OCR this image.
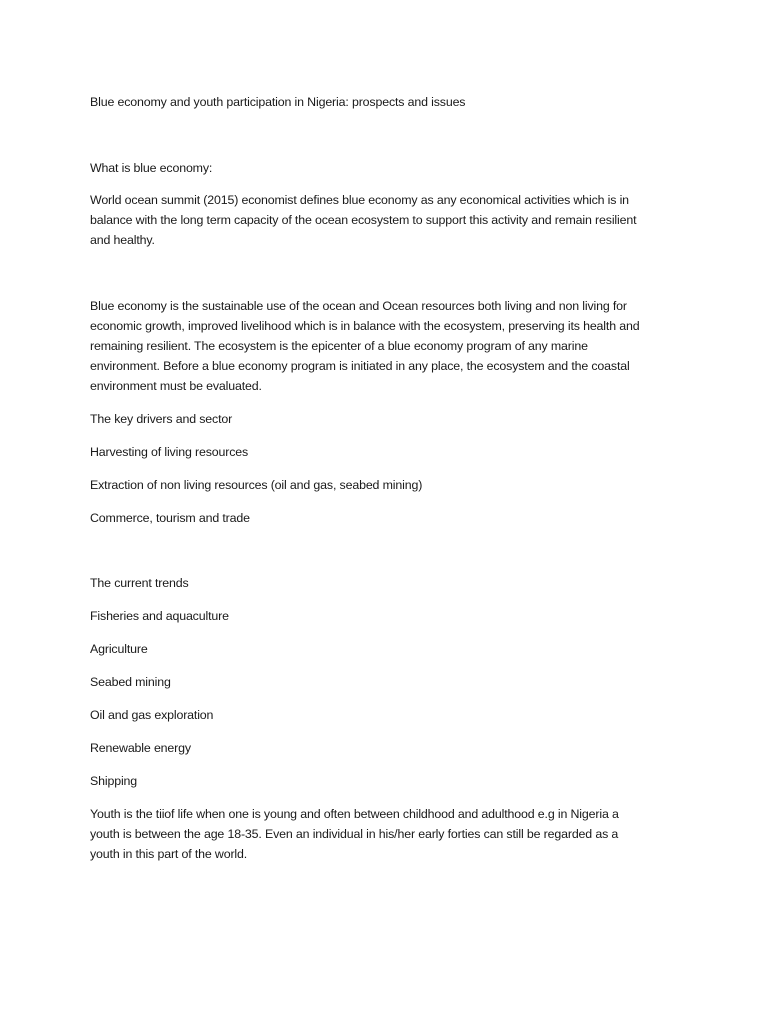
Blue economy and youth participation in Nigeria: prospects and issues

What is blue economy:

World ocean summit (2015) economist defines blue economy as any economical activities which is in

balance with the long term capacity of the ocean ecosystem to support this activity and remain resilient

and healthy.

Blue economy is the sustainable use of the ocean and Ocean resources both living and non living for

economic growth, improved livelihood which is in balance with the ecosystem, preserving its health and

remaining resilient. The ecosystem is the epicenter of a blue economy program of any marine

environment. Before a blue economy program is initiated in any place, the ecosystem and the coastal

environment must be evaluated.

The key drivers and sector

Harvesting of living resources

Extraction of non living resources (oil and gas, seabed mining)

Commerce, tourism and trade

The current trends

Fisheries and aquaculture

Agriculture

Seabed mining

Oil and gas exploration

Renewable energy

Shipping

Youth is the tiiof life when one is young and often between childhood and adulthood e.g in Nigeria a

youth is between the age 18-35. Even an individual in his/her early forties can still be regarded as a

youth in this part of the world.
